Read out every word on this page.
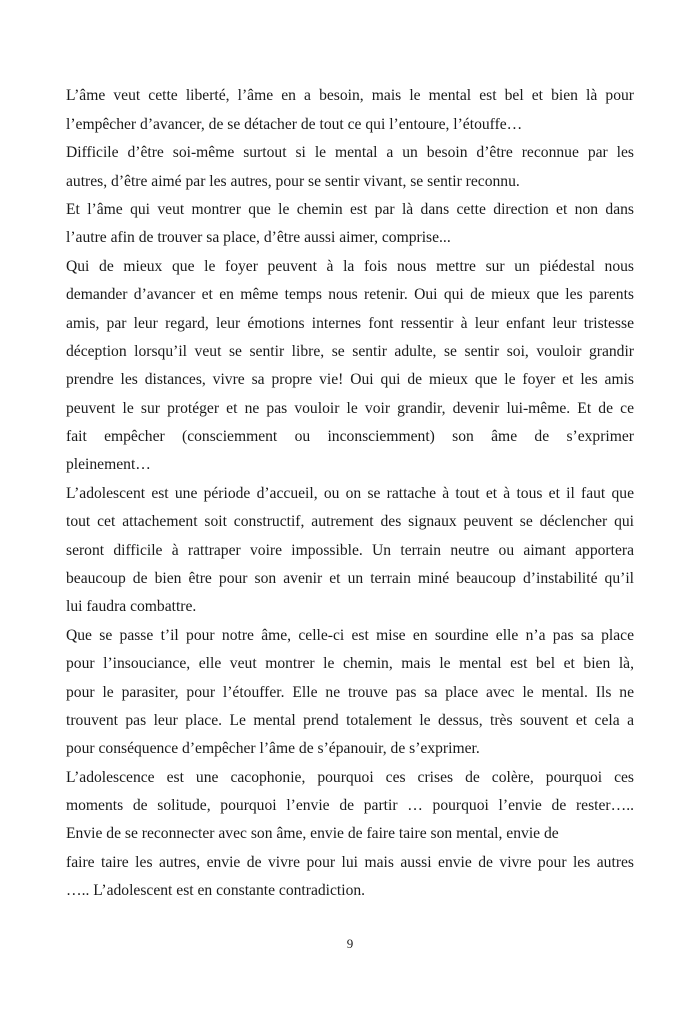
L’âme veut cette liberté, l’âme en a besoin, mais le mental est bel et bien là pour
l’empêcher d’avancer, de se détacher de tout ce qui l’entoure, l’étouffe…
Difficile d’être soi-même surtout si le mental a un besoin d’être reconnue par les
autres, d’être aimé par les autres, pour se sentir vivant, se sentir reconnu.
Et l’âme qui veut montrer que le chemin est par là dans cette direction et non dans
l’autre afin de trouver sa place, d’être aussi aimer, comprise...
Qui de mieux que le foyer peuvent à la fois nous mettre sur un piédestal nous
demander d’avancer et en même temps nous retenir. Oui qui de mieux que les parents
amis, par leur regard, leur émotions internes font ressentir à leur enfant leur tristesse
déception lorsqu’il veut se sentir libre, se sentir adulte, se sentir soi, vouloir grandir
prendre les distances, vivre sa propre vie! Oui qui de mieux que le foyer et les amis
peuvent le sur protéger et ne pas vouloir le voir grandir, devenir lui-même. Et de ce
fait empêcher (consciemment ou inconsciemment) son âme de s’exprimer
pleinement…
L’adolescent est une période d’accueil, ou on se rattache à tout et à tous et il faut que
tout cet attachement soit constructif, autrement des signaux peuvent se déclencher qui
seront difficile à rattraper voire impossible. Un terrain neutre ou aimant apportera
beaucoup de bien être pour son avenir et un terrain miné beaucoup d’instabilité qu’il
lui faudra combattre.
Que se passe t’il pour notre âme, celle-ci est mise en sourdine elle n’a pas sa place
pour l’insouciance, elle veut montrer le chemin, mais le mental est bel et bien là,
pour le parasiter, pour l’étouffer. Elle ne trouve pas sa place avec le mental. Ils ne
trouvent pas leur place. Le mental prend totalement le dessus, très souvent et cela a
pour conséquence d’empêcher l’âme de s’épanouir, de s’exprimer.
L’adolescence est une cacophonie, pourquoi ces crises de colère, pourquoi ces
moments de solitude, pourquoi l’envie de partir … pourquoi l’envie de rester…..
Envie de se reconnecter avec son âme, envie de faire taire son mental, envie de
faire taire les autres, envie de vivre pour lui mais aussi envie de vivre pour les autres
….. L’adolescent est en constante contradiction.
9
